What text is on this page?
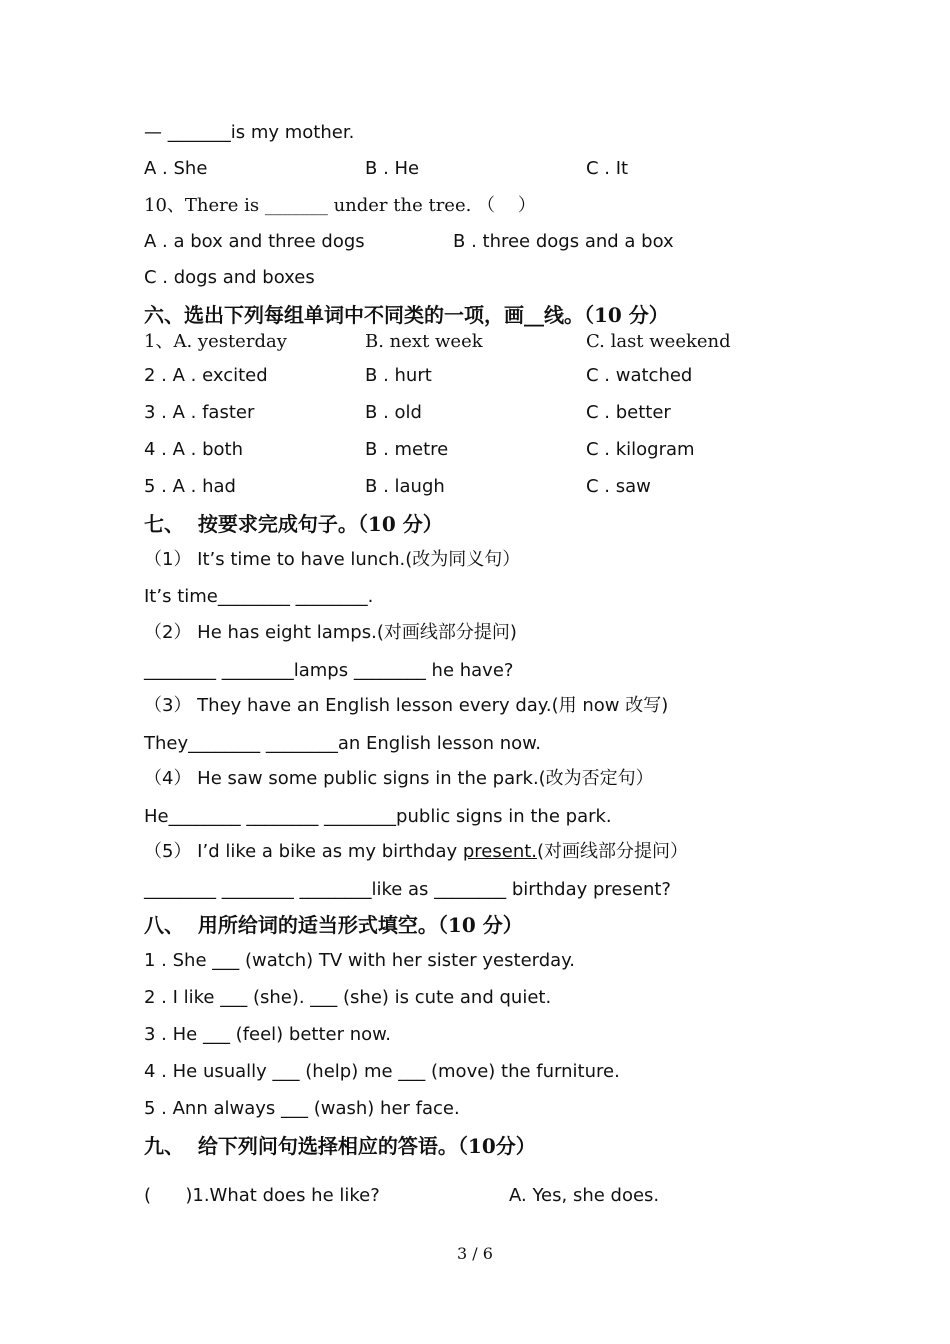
— _______is my mother.
A . She	B . He	C . It
10、There is _______ under the tree. （    ）
A . a box and three dogs	B . three dogs and a box
C . dogs and boxes
六、选出下列每组单词中不同类的一项，画__线。（10 分）
1、A. yesterday	B. next week	C. last weekend
2 . A . excited	B . hurt	C . watched
3 . A . faster	B . old	C . better
4 . A . both	B . metre	C . kilogram
5 . A . had	B . laugh	C . saw
七、  按要求完成句子。（10 分）
（1） It’s time to have lunch.(改为同义句）
It’s time________ ________.
（2） He has eight lamps.(对画线部分提问)
________ ________lamps ________ he have?
（3） They have an English lesson every day.(用 now 改写)
They________ ________an English lesson now.
（4） He saw some public signs in the park.(改为否定句）
He________ ________ ________public signs in the park.
（5） I’d like a bike as my birthday present.(对画线部分提问）
________ ________ ________like as ________ birthday present?
八、  用所给词的适当形式填空。（10 分）
1 . She ___ (watch) TV with her sister yesterday.
2 . I like ___ (she). ___ (she) is cute and quiet.
3 . He ___ (feel) better now.
4 . He usually ___ (help) me ___ (move) the furniture.
5 . Ann always ___ (wash) her face.
九、  给下列问句选择相应的答语。（10分）
(      )1.What does he like?	A. Yes, she does.
3 / 6
